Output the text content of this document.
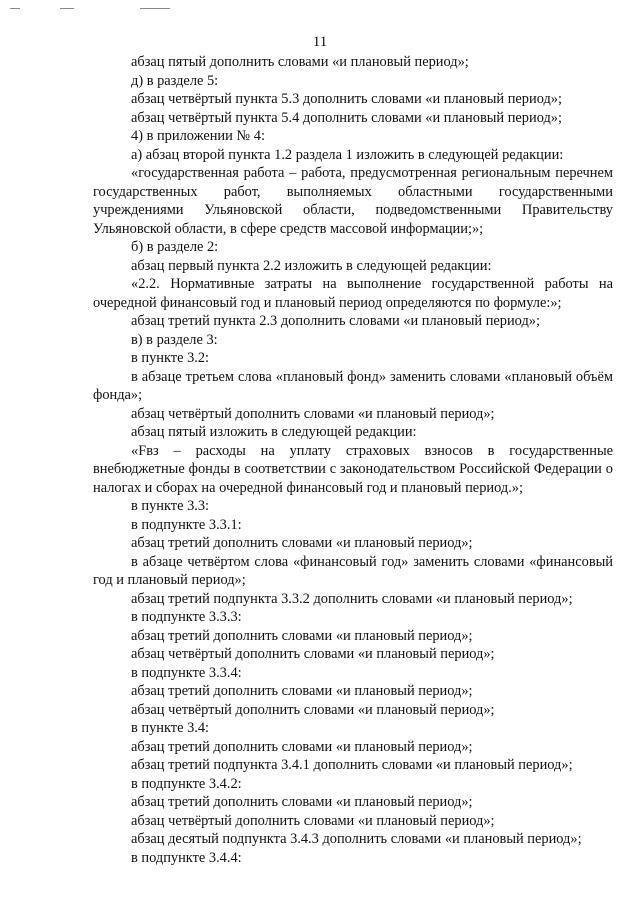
11
абзац пятый дополнить словами «и плановый период»;
д) в разделе 5:
абзац четвёртый пункта 5.3 дополнить словами «и плановый период»;
абзац четвёртый пункта 5.4 дополнить словами «и плановый период»;
4) в приложении № 4:
а) абзац второй пункта 1.2 раздела 1 изложить в следующей редакции:
«государственная работа – работа, предусмотренная региональным перечнем государственных работ, выполняемых областными государственными учреждениями Ульяновской области, подведомственными Правительству Ульяновской области, в сфере средств массовой информации;»;
б) в разделе 2:
абзац первый пункта 2.2 изложить в следующей редакции:
«2.2. Нормативные затраты на выполнение государственной работы на очередной финансовый год и плановый период определяются по формуле:»;
абзац третий пункта 2.3 дополнить словами «и плановый период»;
в) в разделе 3:
в пункте 3.2:
в абзаце третьем слова «плановый фонд» заменить словами «плановый объём фонда»;
абзац четвёртый дополнить словами «и плановый период»;
абзац пятый изложить в следующей редакции:
«Fвз – расходы на уплату страховых взносов в государственные внебюджетные фонды в соответствии с законодательством Российской Федерации о налогах и сборах на очередной финансовый год и плановый период.»;
в пункте 3.3:
в подпункте 3.3.1:
абзац третий дополнить словами «и плановый период»;
в абзаце четвёртом слова «финансовый год» заменить словами «финансовый год и плановый период»;
абзац третий подпункта 3.3.2 дополнить словами «и плановый период»;
в подпункте 3.3.3:
абзац третий дополнить словами «и плановый период»;
абзац четвёртый дополнить словами «и плановый период»;
в подпункте 3.3.4:
абзац третий дополнить словами «и плановый период»;
абзац четвёртый дополнить словами «и плановый период»;
в пункте 3.4:
абзац третий дополнить словами «и плановый период»;
абзац третий подпункта 3.4.1 дополнить словами «и плановый период»;
в подпункте 3.4.2:
абзац третий дополнить словами «и плановый период»;
абзац четвёртый дополнить словами «и плановый период»;
абзац десятый подпункта 3.4.3 дополнить словами «и плановый период»;
в подпункте 3.4.4:
